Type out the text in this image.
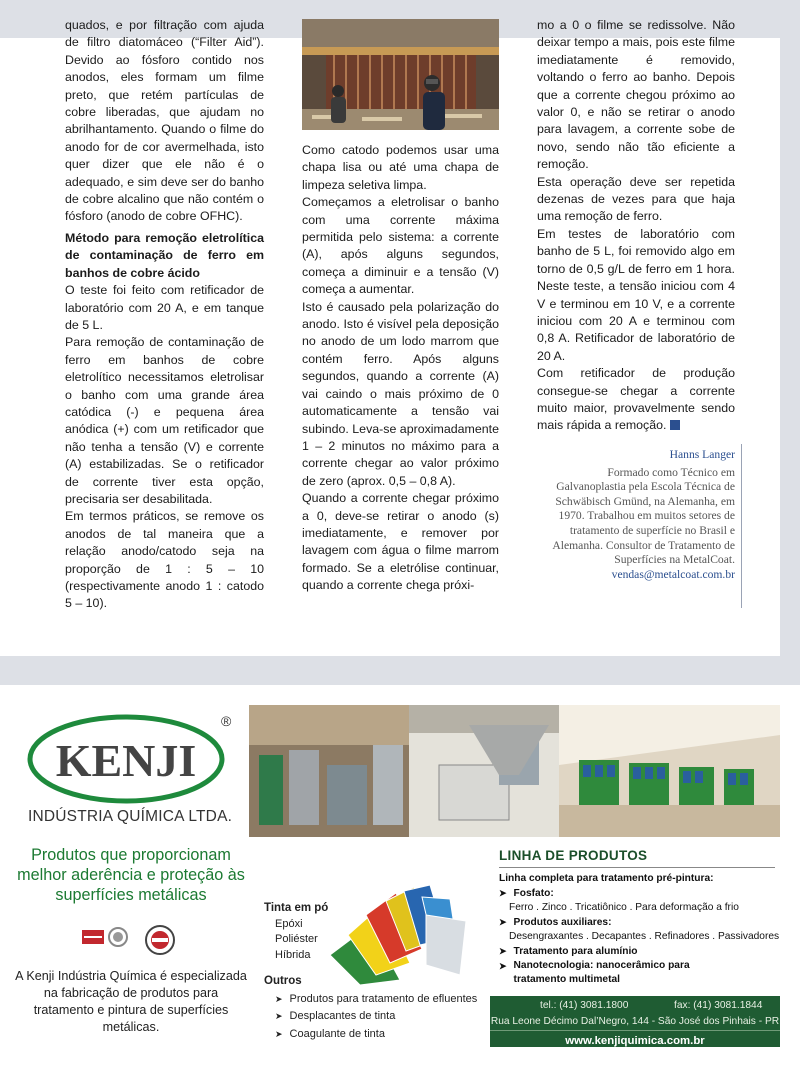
quados, e por filtração com ajuda de filtro diatomáceo (“Filter Aid”). Devido ao fósforo contido nos anodos, eles formam um filme preto, que retém partículas de cobre liberadas, que ajudam no abrilhantamento. Quando o filme do anodo for de cor avermelhada, isto quer dizer que ele não é o adequado, e sim deve ser do banho de cobre alcalino que não contém o fósforo (anodo de cobre OFHC).

Método para remoção eletrolítica de contaminação de ferro em banhos de cobre ácido

O teste foi feito com retificador de laboratório com 20 A, e em tanque de 5 L.

Para remoção de contaminação de ferro em banhos de cobre eletrolítico necessitamos eletrolisar o banho com uma grande área catódica (-) e pequena área anódica (+) com um retificador que não tenha a tensão (V) e corrente (A) estabilizadas. Se o retificador de corrente tiver esta opção, precisaria ser desabilitada.

Em termos práticos, se remove os anodos de tal maneira que a relação anodo/catodo seja na proporção de 1 : 5 – 10 (respectivamente anodo 1 : catodo 5 – 10).

Como catodo podemos usar uma chapa lisa ou até uma chapa de limpeza seletiva limpa.

Começamos a eletrolisar o banho com uma corrente máxima permitida pelo sistema: a corrente (A), após alguns segundos, começa a diminuir e a tensão (V) começa a aumentar.

Isto é causado pela polarização do anodo. Isto é visível pela deposição no anodo de um lodo marrom que contém ferro. Após alguns segundos, quando a corrente (A) vai caindo o mais próximo de 0 automaticamente a tensão vai subindo. Leva-se aproximadamente 1 – 2 minutos no máximo para a corrente chegar ao valor próximo de zero (aprox. 0,5 – 0,8 A).

Quando a corrente chegar próximo a 0, deve-se retirar o anodo (s) imediatamente, e remover por lavagem com água o filme marrom formado. Se a eletrólise continuar, quando a corrente chega próxi-

mo a 0 o filme se redissolve. Não deixar tempo a mais, pois este filme imediatamente é removido, voltando o ferro ao banho. Depois que a corrente chegou próximo ao valor 0, e não se retirar o anodo para lavagem, a corrente sobe de novo, sendo não tão eficiente a remoção.

Esta operação deve ser repetida dezenas de vezes para que haja uma remoção de ferro.

Em testes de laboratório com banho de 5 L, foi removido algo em torno de 0,5 g/L de ferro em 1 hora. Neste teste, a tensão iniciou com 4 V e terminou em 10 V, e a corrente iniciou com 20 A e terminou com 0,8 A. Retificador de laboratório de 20 A.

Com retificador de produção consegue-se chegar a corrente muito maior, provavelmente sendo mais rápida a remoção.

Hanns Langer
Formado como Técnico em Galvanoplastia pela Escola Técnica de Schwäbisch Gmünd, na Alemanha, em 1970. Trabalhou em muitos setores de tratamento de superfície no Brasil e Alemanha. Consultor de Tratamento de Superfícies na MetalCoat.
vendas@metalcoat.com.br
KENJI
®
INDÚSTRIA QUÍMICA LTDA.
Produtos que proporcionam melhor aderência e proteção às superfícies metálicas
A Kenji Indústria Química é especializada na fabricação de produtos para tratamento e pintura de superfícies metálicas.
Tinta em pó
Epóxi
Poliéster
Híbrida
Outros
➤ Produtos para tratamento de efluentes
➤ Desplacantes de tinta
➤ Coagulante de tinta
LINHA DE PRODUTOS
Linha completa para tratamento pré-pintura:
➤ Fosfato:
Ferro . Zinco . Tricatiônico . Para deformação a frio
➤ Produtos auxiliares:
Desengraxantes . Decapantes . Refinadores . Passivadores
➤ Tratamento para alumínio
➤ Nanotecnologia: nanocerâmico para tratamento multimetal
tel.: (41) 3081.1800	fax: (41) 3081.1844
Rua Leone Décimo Dal’Negro, 144 - São José dos Pinhais - PR
www.kenjiquimica.com.br
